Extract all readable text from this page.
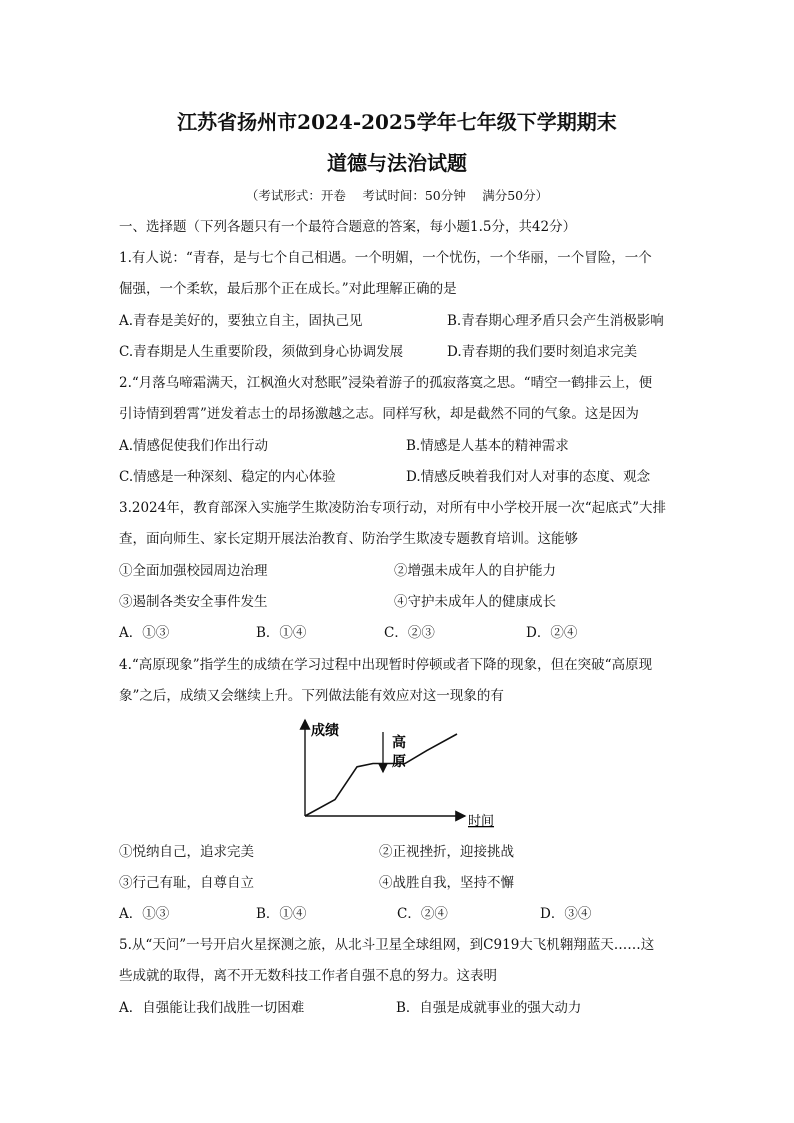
江苏省扬州市2024-2025学年七年级下学期期末
道德与法治试题
（考试形式：开卷　 考试时间：50分钟　 满分50分）
一、选择题（下列各题只有一个最符合题意的答案，每小题1.5分，共42分）
1.有人说：“青春，是与七个自己相遇。一个明媚，一个忧伤，一个华丽，一个冒险，一个
倔强，一个柔软，最后那个正在成长。”对此理解正确的是
A.青春是美好的，要独立自主，固执己见	B.青春期心理矛盾只会产生消极影响
C.青春期是人生重要阶段，须做到身心协调发展	D.青春期的我们要时刻追求完美
2.“月落乌啼霜满天，江枫渔火对愁眠”浸染着游子的孤寂落寞之思。“晴空一鹤排云上，便
引诗情到碧霄”迸发着志士的昂扬激越之志。同样写秋，却是截然不同的气象。这是因为
A.情感促使我们作出行动	B.情感是人基本的精神需求
C.情感是一种深刻、稳定的内心体验	D.情感反映着我们对人对事的态度、观念
3.2024年，教育部深入实施学生欺凌防治专项行动，对所有中小学校开展一次“起底式”大排
查，面向师生、家长定期开展法治教育、防治学生欺凌专题教育培训。这能够
①全面加强校园周边治理	②增强未成年人的自护能力
③遏制各类安全事件发生	④守护未成年人的健康成长
A．①③	B．①④	C．②③	D．②④
4.“高原现象”指学生的成绩在学习过程中出现暂时停顿或者下降的现象，但在突破“高原现
象”之后，成绩又会继续上升。下列做法能有效应对这一现象的有
成绩
时间
高
原
①悦纳自己，追求完美	②正视挫折，迎接挑战
③行己有耻，自尊自立	④战胜自我，坚持不懈
A．①③	B．①④	C．②④	D．③④
5.从“天问”一号开启火星探测之旅，从北斗卫星全球组网，到C919大飞机翱翔蓝天……这
些成就的取得，离不开无数科技工作者自强不息的努力。这表明
A．自强能让我们战胜一切困难	B．自强是成就事业的强大动力
